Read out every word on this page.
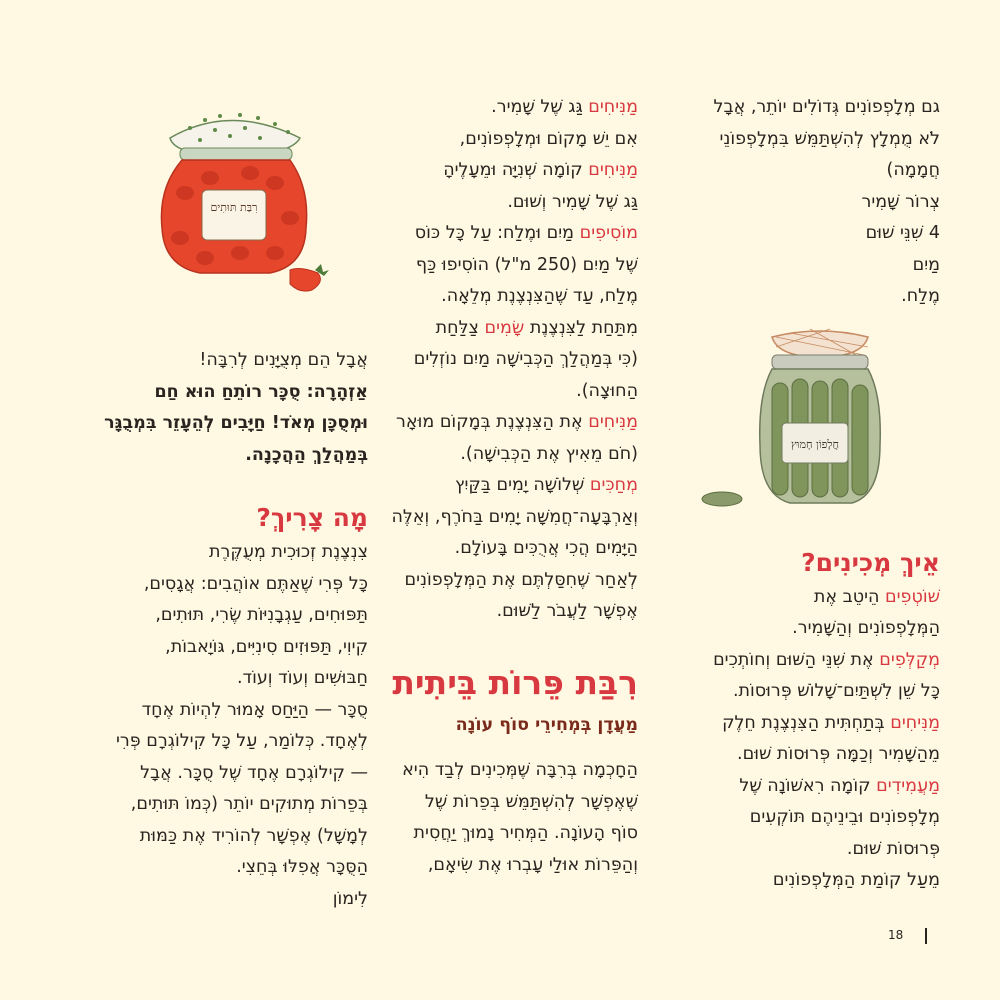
רִבַּת תּוּתִים
חֲלָפוֹן חָמוּץ

גם מְלָפְפוֹנִים גְּדוֹלִים יוֹתֵר, אֲבָל

לֹא מֻמְלָץ לְהִשְׁתַּמֵּשׁ בִּמְלָפְפוֹנֵי

חֲמָמָה)

צְרוֹר שָׁמִיר

4 שִׁנֵּי שׁוּם

מַיִם

מֶלַח.

אֵיךְ מְכִינִים?

שׁוֹטְפִים הֵיטֵב אֶת

הַמְּלָפְפוֹנִים וְהַשָּׁמִיר.

מְקַלְּפִים אֶת שִׁנֵּי הַשּׁוּם וְחוֹתְכִים

כָּל שֵׁן לִשְׁתַּיִם־שָׁלוֹשׁ פְּרוּסוֹת.

מַנִּיחִים בְּתַחְתִּית הַצִּנְצֶנֶת חֵלֶק

מֵהַשָּׁמִיר וְכַמָּה פְּרוּסוֹת שׁוּם.

מַעֲמִידִים קוֹמָה רִאשׁוֹנָה שֶׁל

מְלָפְפוֹנִים וּבֵינֵיהֶם תּוֹקְעִים

פְּרוּסוֹת שׁוּם.

מֵעַל קוֹמַת הַמְּלָפְפוֹנִים

מַנִּיחִים גַּג שֶׁל שָׁמִיר.

אִם יֵשׁ מָקוֹם וּמְלָפְפוֹנִים,

מַנִּיחִים קוֹמָה שְׁנִיָּה וּמֵעָלֶיהָ

גַּג שֶׁל שָׁמִיר וְשׁוּם.

מוֹסִיפִים מַיִם וּמֶלַח: עַל כָּל כּוֹס

שֶׁל מַיִם (250 מ"ל) הוֹסִיפוּ כַּף

מֶלַח, עַד שֶׁהַצִּנְצֶנֶת מְלֵאָה.

מִתַּחַת לַצִּנְצֶנֶת שָׂמִים צַלַּחַת

(כִּי בְּמַהֲלַךְ הַכְּבִישָׁה מַיִם נוֹזְלִים

הַחוּצָה).

מַנִּיחִים אֶת הַצִּנְצֶנֶת בְּמָקוֹם מוּאָר

(חֹם מֵאִיץ אֶת הַכְּבִישָׁה).

מְחַכִּים שְׁלוֹשָׁה יָמִים בַּקַּיִץ

וְאַרְבָּעָה־חֲמִשָּׁה יָמִים בַּחֹרֶף, וְאֵלֶּה

הַיָּמִים הֲכִי אֲרֻכִּים בָּעוֹלָם.

לְאַחַר שֶׁחִסַּלְתֶּם אֶת הַמְּלָפְפוֹנִים

אֶפְשָׁר לַעֲבֹר לַשּׁוּם.

רִבַּת פֵּרוֹת בֵּיתִית

מַעֲדָן בְּמְחִירֵי סוֹף עוֹנָה

הַחָכְמָה בְּרִבָּה שֶׁמְּכִינִים לְבַד הִיא

שֶׁאֶפְשָׁר לְהִשְׁתַּמֵּשׁ בְּפֵרוֹת שֶׁל

סוֹף הָעוֹנָה. הַמְּחִיר נָמוּךְ יַחֲסִית

וְהַפֵּרוֹת אוּלַי עָבְרוּ אֶת שִׂיאָם,

אֲבָל הֵם מְצֻיָּנִים לְרִבָּה!

אַזְהָרָה: סֻכָּר רוֹתֵחַ הוּא חַם

וּמְסֻכָּן מְאֹד! חַיָּבִים לְהֵעָזֵר בִּמְבֻגָּר

בְּמַהֲלַךְ הַהֲכָנָה.

מָה צָרִיךְ?

צִנְצֶנֶת זְכוּכִית מְעֻקֶּרֶת

כָּל פְּרִי שֶׁאַתֶּם אוֹהֲבִים: אֲגָסִים,

תַּפּוּחִים, עַגְבָנִיּוֹת שֶׂרִי, תּוּתִים,

קִיוִי, תַּפּוּזִים סִינִיִּים, גּוֹיָאבוֹת,

חַבּוּשִׁים וְעוֹד וְעוֹד.

סֻכָּר — הַיַּחַס אָמוּר לִהְיוֹת אֶחָד

לְאֶחָד. כְּלוֹמַר, עַל כָּל קִילוֹגְרָם פְּרִי

— קִילוֹגְרָם אֶחָד שֶׁל סֻכָּר. אֲבָל

בְּפֵרוֹת מְתוּקִים יוֹתֵר (כְּמוֹ תּוּתִים,

לְמָשָׁל) אֶפְשָׁר לְהוֹרִיד אֶת כַּמּוּת

הַסֻּכָּר אֲפִלּוּ בְּחֵצִי.

לִימוֹן

18
